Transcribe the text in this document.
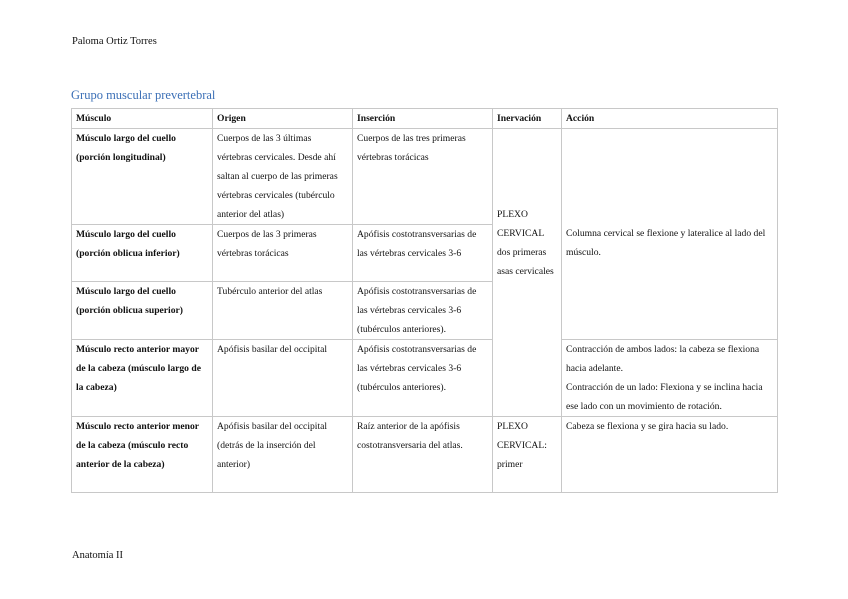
Paloma Ortiz Torres
Grupo muscular prevertebral
Músculo	Origen	Inserción	Inervación	Acción
Músculo largo del cuello (porción longitudinal)	Cuerpos de las 3 últimas vértebras cervicales. Desde ahí saltan al cuerpo de las primeras vértebras cervicales (tubérculo anterior del atlas)	Cuerpos de las tres primeras vértebras torácicas	PLEXO CERVICAL dos primeras asas cervicales	Columna cervical se flexione y lateralice al lado del músculo.
Músculo largo del cuello (porción oblicua inferior)	Cuerpos de las 3 primeras vértebras torácicas	Apófisis costotransversarias de las vértebras cervicales 3-6		
Músculo largo del cuello (porción oblicua superior)	Tubérculo anterior del atlas	Apófisis costotransversarias de las vértebras cervicales 3-6 (tubérculos anteriores).		
Músculo recto anterior mayor de la cabeza (músculo largo de la cabeza)	Apófisis basilar del occipital	Apófisis costotransversarias de las vértebras cervicales 3-6 (tubérculos anteriores).		Contracción de ambos lados: la cabeza se flexiona hacia adelante.
Contracción de un lado: Flexiona y se inclina hacia ese lado con un movimiento de rotación.

Músculo recto anterior menor de la cabeza (músculo recto anterior de la cabeza)	Apófisis basilar del occipital (detrás de la inserción del anterior)	Raíz anterior de la apófisis costotransversaria del atlas.	PLEXO CERVICAL: primer	Cabeza se flexiona y se gira hacia su lado.
Anatomía II
